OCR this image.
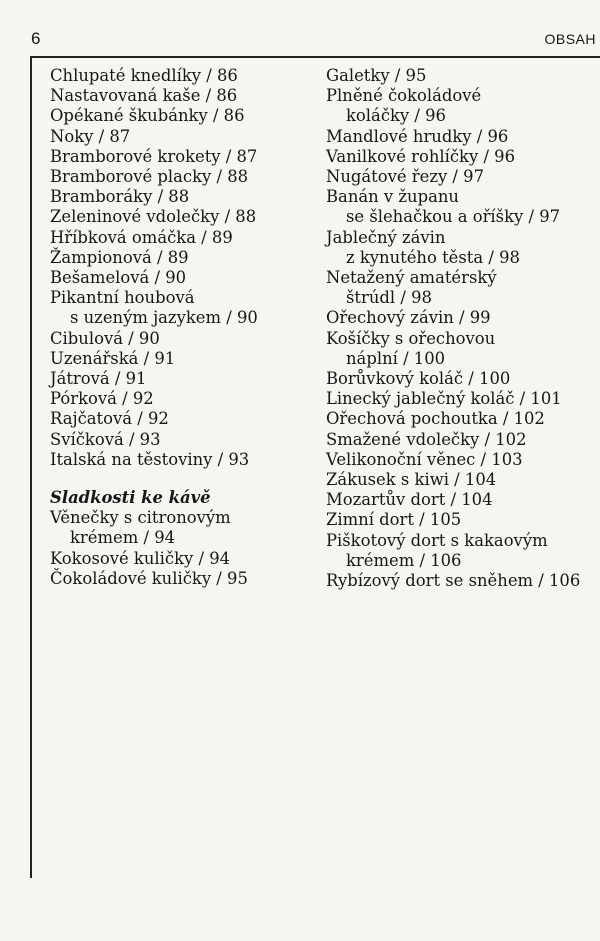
6	OBSAH
Chlupaté knedlíky / 86
Nastavovaná kaše / 86
Opékané škubánky / 86
Noky / 87
Bramborové krokety / 87
Bramborové placky / 88
Bramboráky / 88
Zeleninové vdolečky / 88
Hříbková omáčka / 89
Žampionová / 89
Bešamelová / 90
Pikantní houbová
s uzeným jazykem / 90
Cibulová / 90
Uzenářská / 91
Játrová / 91
Pórková / 92
Rajčatová / 92
Svíčková / 93
Italská na těstoviny / 93
Sladkosti ke kávě
Věnečky s citronovým
krémem / 94
Kokosové kuličky / 94
Čokoládové kuličky / 95
Galetky / 95
Plněné čokoládové
koláčky / 96
Mandlové hrudky / 96
Vanilkové rohlíčky / 96
Nugátové řezy / 97
Banán v županu
se šlehačkou a oříšky / 97
Jablečný závin
z kynutého těsta / 98
Netažený amatérský
štrúdl / 98
Ořechový závin / 99
Košíčky s ořechovou
náplní / 100
Borůvkový koláč / 100
Linecký jablečný koláč / 101
Ořechová pochoutka / 102
Smažené vdolečky / 102
Velikonoční věnec / 103
Zákusek s kiwi / 104
Mozartův dort / 104
Zimní dort / 105
Piškotový dort s kakaovým
krémem / 106
Rybízový dort se sněhem / 106
